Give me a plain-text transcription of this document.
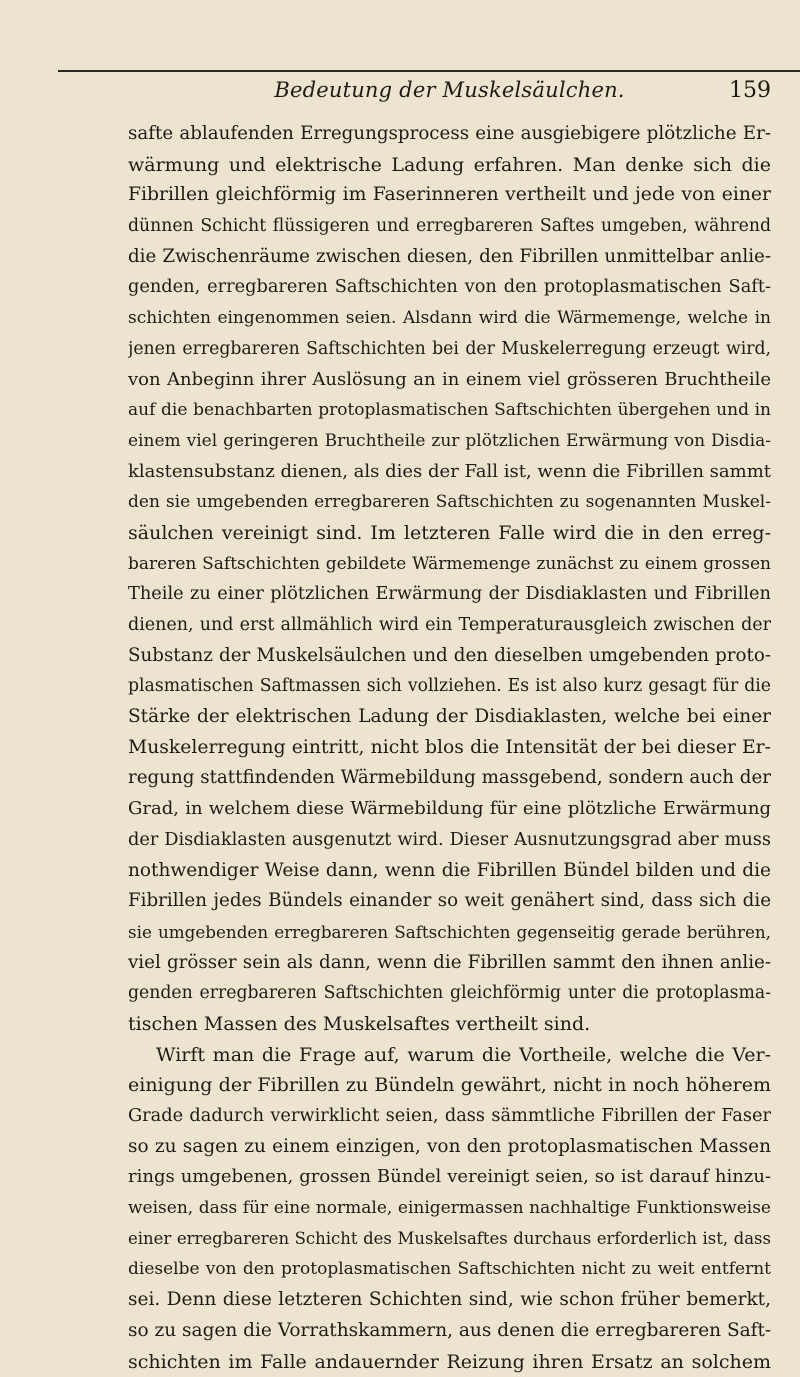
Bedeutung der Muskelsäulchen.	159

safte ablaufenden Erregungsprocess eine ausgiebigere plötzliche Er-
wärmung und elektrische Ladung erfahren. Man denke sich die
Fibrillen gleichförmig im Faserinneren vertheilt und jede von einer
dünnen Schicht flüssigeren und erregbareren Saftes umgeben, während
die Zwischenräume zwischen diesen, den Fibrillen unmittelbar anlie-
genden, erregbareren Saftschichten von den protoplasmatischen Saft-
schichten eingenommen seien. Alsdann wird die Wärmemenge, welche in
jenen erregbareren Saftschichten bei der Muskelerregung erzeugt wird,
von Anbeginn ihrer Auslösung an in einem viel grösseren Bruchtheile
auf die benachbarten protoplasmatischen Saftschichten übergehen und in
einem viel geringeren Bruchtheile zur plötzlichen Erwärmung von Disdia-
klastensubstanz dienen, als dies der Fall ist, wenn die Fibrillen sammt
den sie umgebenden erregbareren Saftschichten zu sogenannten Muskel-
säulchen vereinigt sind. Im letzteren Falle wird die in den erreg-
bareren Saftschichten gebildete Wärmemenge zunächst zu einem grossen
Theile zu einer plötzlichen Erwärmung der Disdiaklasten und Fibrillen
dienen, und erst allmählich wird ein Temperaturausgleich zwischen der
Substanz der Muskelsäulchen und den dieselben umgebenden proto-
plasmatischen Saftmassen sich vollziehen. Es ist also kurz gesagt für die
Stärke der elektrischen Ladung der Disdiaklasten, welche bei einer
Muskelerregung eintritt, nicht blos die Intensität der bei dieser Er-
regung stattfindenden Wärmebildung massgebend, sondern auch der
Grad, in welchem diese Wärmebildung für eine plötzliche Erwärmung
der Disdiaklasten ausgenutzt wird. Dieser Ausnutzungsgrad aber muss
nothwendiger Weise dann, wenn die Fibrillen Bündel bilden und die
Fibrillen jedes Bündels einander so weit genähert sind, dass sich die
sie umgebenden erregbareren Saftschichten gegenseitig gerade berühren,
viel grösser sein als dann, wenn die Fibrillen sammt den ihnen anlie-
genden erregbareren Saftschichten gleichförmig unter die protoplasma-
tischen Massen des Muskelsaftes vertheilt sind.

Wirft man die Frage auf, warum die Vortheile, welche die Ver-
einigung der Fibrillen zu Bündeln gewährt, nicht in noch höherem
Grade dadurch verwirklicht seien, dass sämmtliche Fibrillen der Faser
so zu sagen zu einem einzigen, von den protoplasmatischen Massen
rings umgebenen, grossen Bündel vereinigt seien, so ist darauf hinzu-
weisen, dass für eine normale, einigermassen nachhaltige Funktionsweise
einer erregbareren Schicht des Muskelsaftes durchaus erforderlich ist, dass
dieselbe von den protoplasmatischen Saftschichten nicht zu weit entfernt
sei. Denn diese letzteren Schichten sind, wie schon früher bemerkt,
so zu sagen die Vorrathskammern, aus denen die erregbareren Saft-
schichten im Falle andauernder Reizung ihren Ersatz an solchem
